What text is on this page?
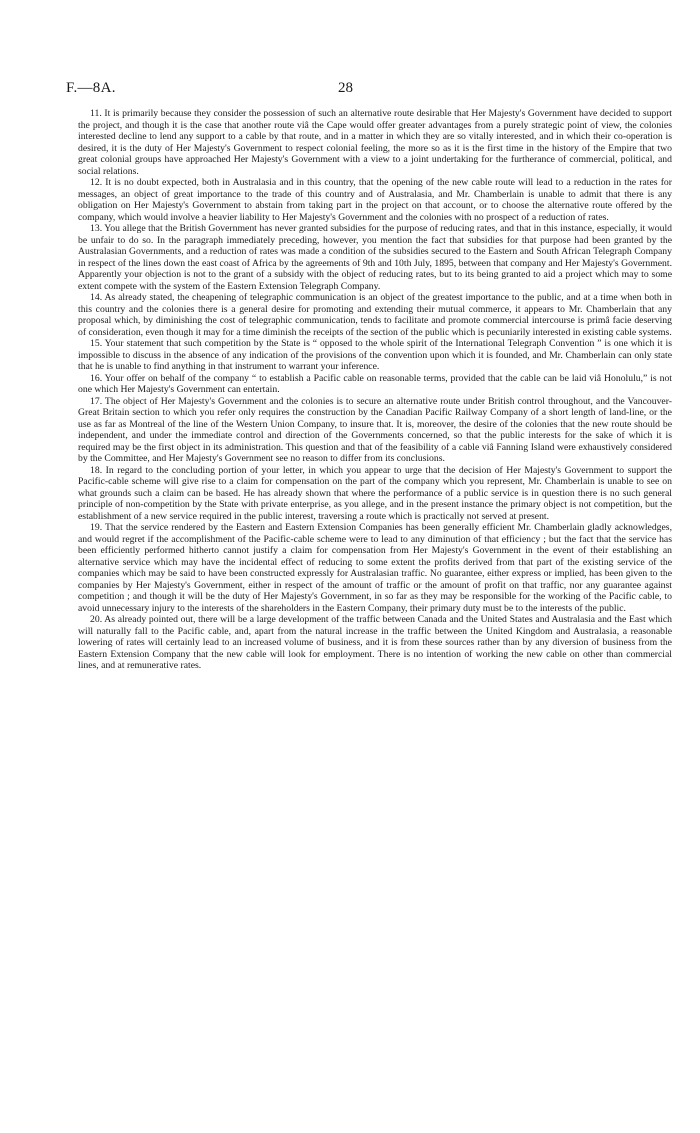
F.—8A.	28

11. It is primarily because they consider the possession of such an alternative route desirable that Her Majesty's Government have decided to support the project, and though it is the case that another route viâ the Cape would offer greater advantages from a purely strategic point of view, the colonies interested decline to lend any support to a cable by that route, and in a matter in which they are so vitally interested, and in which their co-operation is desired, it is the duty of Her Majesty's Government to respect colonial feeling, the more so as it is the first time in the history of the Empire that two great colonial groups have approached Her Majesty's Government with a view to a joint undertaking for the furtherance of commercial, political, and social relations.

12. It is no doubt expected, both in Australasia and in this country, that the opening of the new cable route will lead to a reduction in the rates for messages, an object of great importance to the trade of this country and of Australasia, and Mr. Chamberlain is unable to admit that there is any obligation on Her Majesty's Government to abstain from taking part in the project on that account, or to choose the alternative route offered by the company, which would involve a heavier liability to Her Majesty's Government and the colonies with no prospect of a reduction of rates.

13. You allege that the British Government has never granted subsidies for the purpose of reducing rates, and that in this instance, especially, it would be unfair to do so. In the paragraph immediately preceding, however, you mention the fact that subsidies for that purpose had been granted by the Australasian Governments, and a reduction of rates was made a condition of the subsidies secured to the Eastern and South African Telegraph Company in respect of the lines down the east coast of Africa by the agreements of 9th and 10th July, 1895, between that company and Her Majesty's Government. Apparently your objection is not to the grant of a subsidy with the object of reducing rates, but to its being granted to aid a project which may to some extent compete with the system of the Eastern Extension Telegraph Company.

14. As already stated, the cheapening of telegraphic communication is an object of the greatest importance to the public, and at a time when both in this country and the colonies there is a general desire for promoting and extending their mutual commerce, it appears to Mr. Chamberlain that any proposal which, by diminishing the cost of telegraphic communication, tends to facilitate and promote commercial intercourse is primâ facie deserving of consideration, even though it may for a time diminish the receipts of the section of the public which is pecuniarily interested in existing cable systems.

15. Your statement that such competition by the State is “ opposed to the whole spirit of the International Telegraph Convention ” is one which it is impossible to discuss in the absence of any indication of the provisions of the convention upon which it is founded, and Mr. Chamberlain can only state that he is unable to find anything in that instrument to warrant your inference.

16. Your offer on behalf of the company “ to establish a Pacific cable on reasonable terms, provided that the cable can be laid viâ Honolulu,” is not one which Her Majesty's Government can entertain.

17. The object of Her Majesty's Government and the colonies is to secure an alternative route under British control throughout, and the Vancouver-Great Britain section to which you refer only requires the construction by the Canadian Pacific Railway Company of a short length of land-line, or the use as far as Montreal of the line of the Western Union Company, to insure that. It is, moreover, the desire of the colonies that the new route should be independent, and under the immediate control and direction of the Governments concerned, so that the public interests for the sake of which it is required may be the first object in its administration. This question and that of the feasibility of a cable viâ Fanning Island were exhaustively considered by the Committee, and Her Majesty's Government see no reason to differ from its conclusions.

18. In regard to the concluding portion of your letter, in which you appear to urge that the decision of Her Majesty's Government to support the Pacific-cable scheme will give rise to a claim for compensation on the part of the company which you represent, Mr. Chamberlain is unable to see on what grounds such a claim can be based. He has already shown that where the performance of a public service is in question there is no such general principle of non-competition by the State with private enterprise, as you allege, and in the present instance the primary object is not competition, but the establishment of a new service required in the public interest, traversing a route which is practically not served at present.

19. That the service rendered by the Eastern and Eastern Extension Companies has been generally efficient Mr. Chamberlain gladly acknowledges, and would regret if the accomplishment of the Pacific-cable scheme were to lead to any diminution of that efficiency ; but the fact that the service has been efficiently performed hitherto cannot justify a claim for compensation from Her Majesty's Government in the event of their establishing an alternative service which may have the incidental effect of reducing to some extent the profits derived from that part of the existing service of the companies which may be said to have been constructed expressly for Australasian traffic. No guarantee, either express or implied, has been given to the companies by Her Majesty's Government, either in respect of the amount of traffic or the amount of profit on that traffic, nor any guarantee against competition ; and though it will be the duty of Her Majesty's Government, in so far as they may be responsible for the working of the Pacific cable, to avoid unnecessary injury to the interests of the shareholders in the Eastern Company, their primary duty must be to the interests of the public.

20. As already pointed out, there will be a large development of the traffic between Canada and the United States and Australasia and the East which will naturally fall to the Pacific cable, and, apart from the natural increase in the traffic between the United Kingdom and Australasia, a reasonable lowering of rates will certainly lead to an increased volume of business, and it is from these sources rather than by any diversion of business from the Eastern Extension Company that the new cable will look for employment. There is no intention of working the new cable on other than commercial lines, and at remunerative rates.
